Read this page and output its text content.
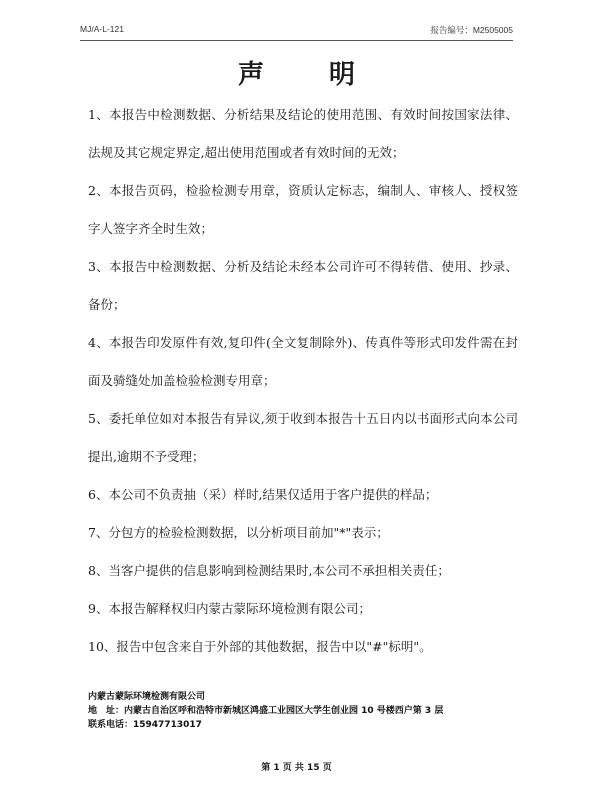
MJ/A-L-121	报告编号：M2505005
声 明

1、本报告中检测数据、分析结果及结论的使用范围、有效时间按国家法律、法规及其它规定界定,超出使用范围或者有效时间的无效；

2、本报告页码，检验检测专用章，资质认定标志，编制人、审核人、授权签字人签字齐全时生效；

3、本报告中检测数据、分析及结论未经本公司许可不得转借、使用、抄录、备份；

4、本报告印发原件有效,复印件(全文复制除外)、传真件等形式印发件需在封面及骑缝处加盖检验检测专用章；

5、委托单位如对本报告有异议,须于收到本报告十五日内以书面形式向本公司提出,逾期不予受理；

6、本公司不负责抽（采）样时,结果仅适用于客户提供的样品；

7、分包方的检验检测数据，以分析项目前加"*"表示；

8、当客户提供的信息影响到检测结果时,本公司不承担相关责任；

9、本报告解释权归内蒙古蒙际环境检测有限公司；

10、报告中包含来自于外部的其他数据，报告中以"#"标明"。

内蒙古蒙际环境检测有限公司
地　址：内蒙古自治区呼和浩特市新城区鸿盛工业园区大学生创业园 10 号楼西户第 3 层
联系电话：15947713017
第 1 页 共 15 页
